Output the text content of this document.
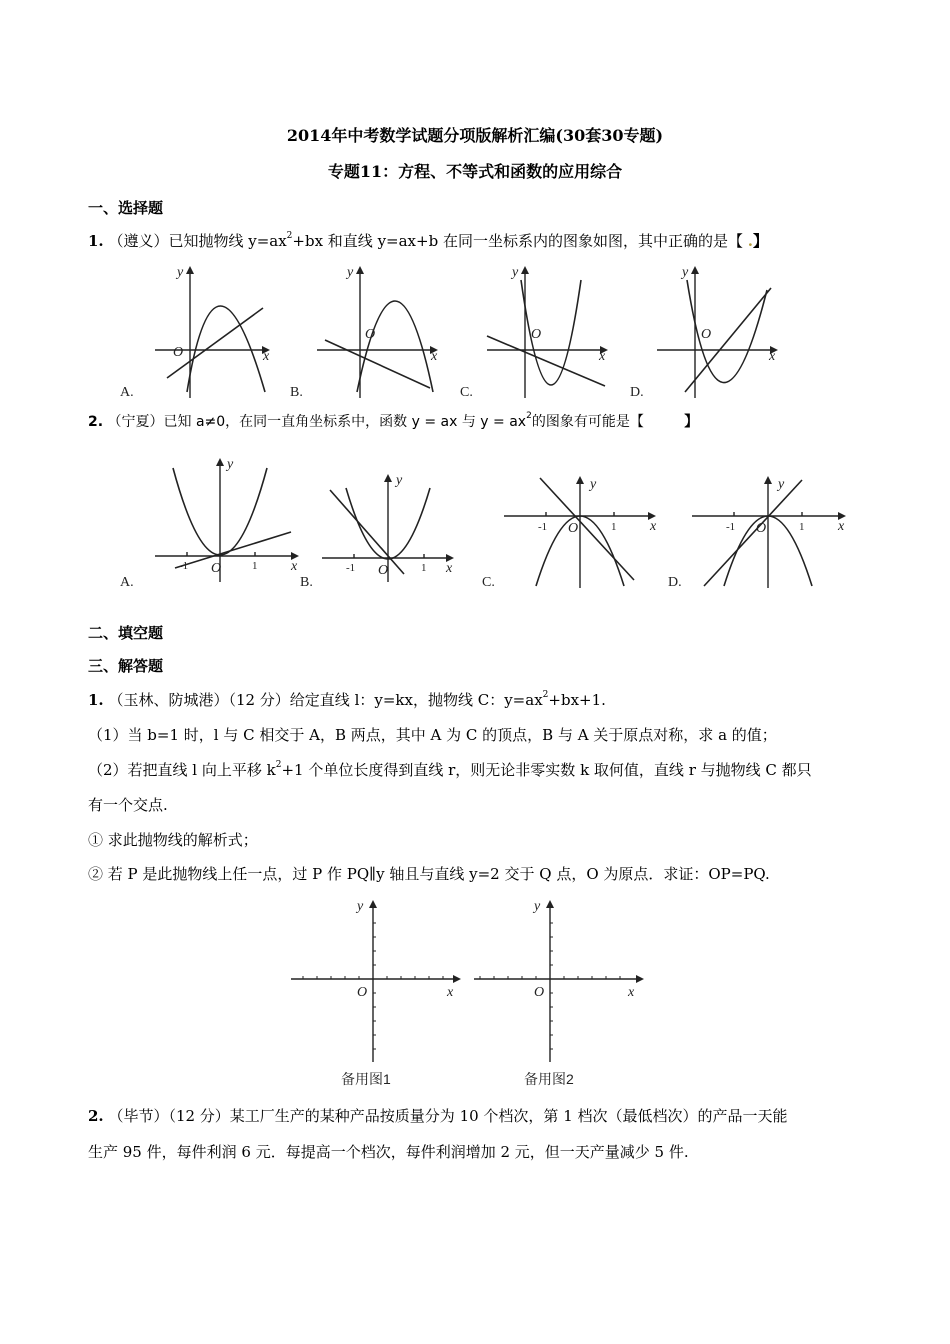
2014年中考数学试题分项版解析汇编(30套30专题)
专题11：方程、不等式和函数的应用综合
一、选择题
1. （遵义）已知抛物线 $y=ax^2+bx$ 和直线 y=ax+b 在同一坐标系内的图象如图，其中正确的是【 .】
y
x
O
A.
y
x
O
B.
y
x
O
C.
y
x
O
D.
2. （宁夏）已知 a≠0，在同一直角坐标系中，函数 y = ax 与 $y = ax^2$的图象有可能是【	】
y
x
O
-1	1
A.
y
x
O
-1	1
B.
y
x
O
-1	1
C.
y
x
O
-1	1
D.
二、填空题
三、解答题
1. （玉林、防城港）（12 分）给定直线 l：y=kx，抛物线 C：$y=ax^2+bx+1$.
（1）当 b=1 时，l 与 C 相交于 A，B 两点，其中 A 为 C 的顶点，B 与 A 关于原点对称，求 a 的值；
（2）若把直线 l 向上平移 $k^2+1$ 个单位长度得到直线 r，则无论非零实数 k 取何值，直线 r 与抛物线 C 都只
有一个交点.
① 求此抛物线的解析式；
② 若 P 是此抛物线上任一点，过 P 作 PQ∥y 轴且与直线 y=2 交于 Q 点，O 为原点．求证：OP=PQ.
y
x
O
备用图1
y
x
O
备用图2
2. （毕节）（12 分）某工厂生产的某种产品按质量分为 10 个档次，第 1 档次（最低档次）的产品一天能
生产 95 件，每件利润 6 元．每提高一个档次，每件利润增加 2 元，但一天产量减少 5 件.
